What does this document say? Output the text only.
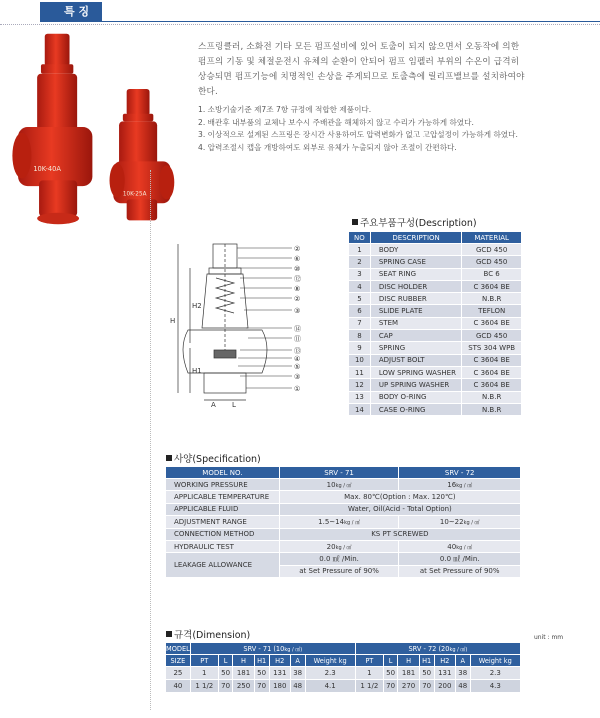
특 징
10K-40A
10K-25A
스프링클러, 소화전 기타 모든 펌프설비에 있어 토출이 되지 않으면서 오동작에 의한 펌프의 기동 및 체절운전시 유체의 순환이 안되어 펌프 임펠러 부위의 수온이 급격히 상승되면 펌프기능에 치명적인 손상을 주게되므로 토출측에 릴리프밸브를 설치하여야 한다.
1. 소방기술기준 제7조 7항 규정에 적합한 제품이다.
2. 배관후 내부품의 교체나 보수시 주배관을 해체하지 않고 수리가 가능하게 하였다.
3. 이상적으로 설계된 스프링은 장시간 사용하여도 압력변화가 없고 고압설정이 가능하게 하였다.
4. 압력조절시 캡을 개방하여도 외부로 유체가 누출되지 않아 조절이 간편하다.
②
⑥
⑩
⑫
⑧
②
③
⑭
⑪
⑬
④
⑤
③
①
H
H2
H1
A L
주요부품구성(Description)
NO	DESCRIPTION	MATERIAL
1	BODY	GCD 450
2	SPRING CASE	GCD 450
3	SEAT RING	BC 6
4	DISC HOLDER	C 3604 BE
5	DISC RUBBER	N.B.R
6	SLIDE PLATE	TEFLON
7	STEM	C 3604 BE
8	CAP	GCD 450
9	SPRING	STS 304 WPB
10	ADJUST BOLT	C 3604 BE
11	LOW SPRING WASHER	C 3604 BE
12	UP SPRING WASHER	C 3604 BE
13	BODY O-RING	N.B.R
14	CASE O-RING	N.B.R
사양(Specification)
MODEL NO.	SRV - 71	SRV - 72
WORKING PRESSURE	10kg / ㎠	16kg / ㎠
APPLICABLE TEMPERATURE	Max. 80℃(Option : Max. 120℃)	
APPLICABLE FLUID	Water, Oil(Acid - Total Option)	
ADJUSTMENT RANGE	1.5~14kg / ㎠	10~22kg / ㎠
CONNECTION METHOD	KS PT SCREWED	
HYDRAULIC TEST	20kg / ㎠	40kg / ㎠
LEAKAGE ALLOWANCE	0.0 ㎖ /Min.	0.0 ㎖ /Min.
	at Set Pressure of 90%	at Set Pressure of 90%
규격(Dimension)	unit : mm
MODEL	SRV - 71 (10kg / ㎠)							SRV - 72 (20kg / ㎠)						
SIZE	PT	L	H	H1	H2	A	Weight kg	PT	L	H	H1	H2	A	Weight kg
25	1	50	181	50	131	38	2.3	1	50	181	50	131	38	2.3
40	1 1/2	70	250	70	180	48	4.1	1 1/2	70	270	70	200	48	4.3
